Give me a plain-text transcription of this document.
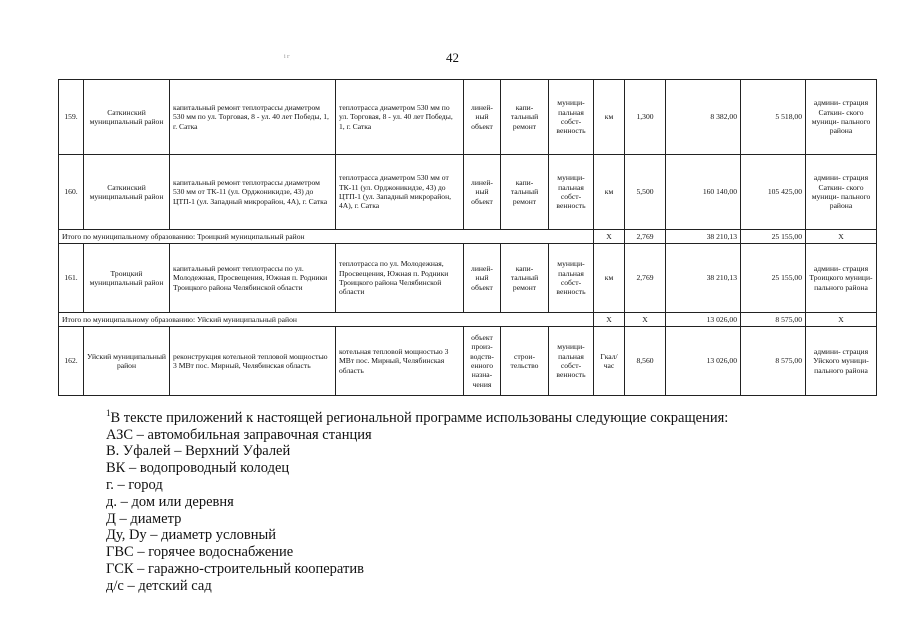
42
і г
159.	Саткинский муниципальный район	капитальный ремонт теплотрассы диаметром 530 мм по ул. Торговая, 8 - ул. 40 лет Победы, 1, г. Сатка	теплотрасса диаметром 530 мм по ул. Торговая, 8 - ул. 40 лет Победы, 1, г. Сатка	линей- ный объект	капи- тальный ремонт	муници- пальная собст- венность	км	1,300	8 382,00	5 518,00	админи- страция Саткин- ского муници- пального района
160.	Саткинский муниципальный район	капитальный ремонт теплотрассы диаметром 530 мм от ТК-11 (ул. Орджоникидзе, 43) до ЦТП-1 (ул. Западный микрорайон, 4А), г. Сатка	теплотрасса диаметром 530 мм от ТК-11 (ул. Орджоникидзе, 43) до ЦТП-1 (ул. Западный микрорайон, 4А), г. Сатка	линей- ный объект	капи- тальный ремонт	муници- пальная собст- венность	км	5,500	160 140,00	105 425,00	админи- страция Саткин- ского муници- пального района
Итого по муниципальному образованию: Троицкий муниципальный район							Х	2,769	38 210,13	25 155,00	Х
161.	Троицкий муниципальный район	капитальный ремонт теплотрассы по ул. Молодежная, Просвещения, Южная п. Родники Троицкого района Челябинской области	теплотрасса по ул. Молодежная, Просвещения, Южная п. Родники Троицкого района Челябинской области	линей- ный объект	капи- тальный ремонт	муници- пальная собст- венность	км	2,769	38 210,13	25 155,00	админи- страция Троицкого муници- пального района
Итого по муниципальному образованию: Уйский муниципальный район							Х	Х	13 026,00	8 575,00	Х
162.	Уйский муниципальный район	реконструкция котельной тепловой мощностью 3 МВт пос. Мирный, Челябинская область	котельная тепловой мощностью 3 МВт пос. Мирный, Челябинская область	объект произ- водств- енного назна- чения	строи- тельство	муници- пальная собст- венность	Гкал/ час	8,560	13 026,00	8 575,00	админи- страция Уйского муници- пального района
$^1$В тексте приложений к настоящей региональной программе использованы следующие сокращения:
АЗС – автомобильная заправочная станция
В. Уфалей – Верхний Уфалей
ВК – водопроводный колодец
г. – город
д. – дом или деревня
Д – диаметр
Ду, Dу – диаметр условный
ГВС – горячее водоснабжение
ГСК – гаражно-строительный кооператив
д/с – детский сад
